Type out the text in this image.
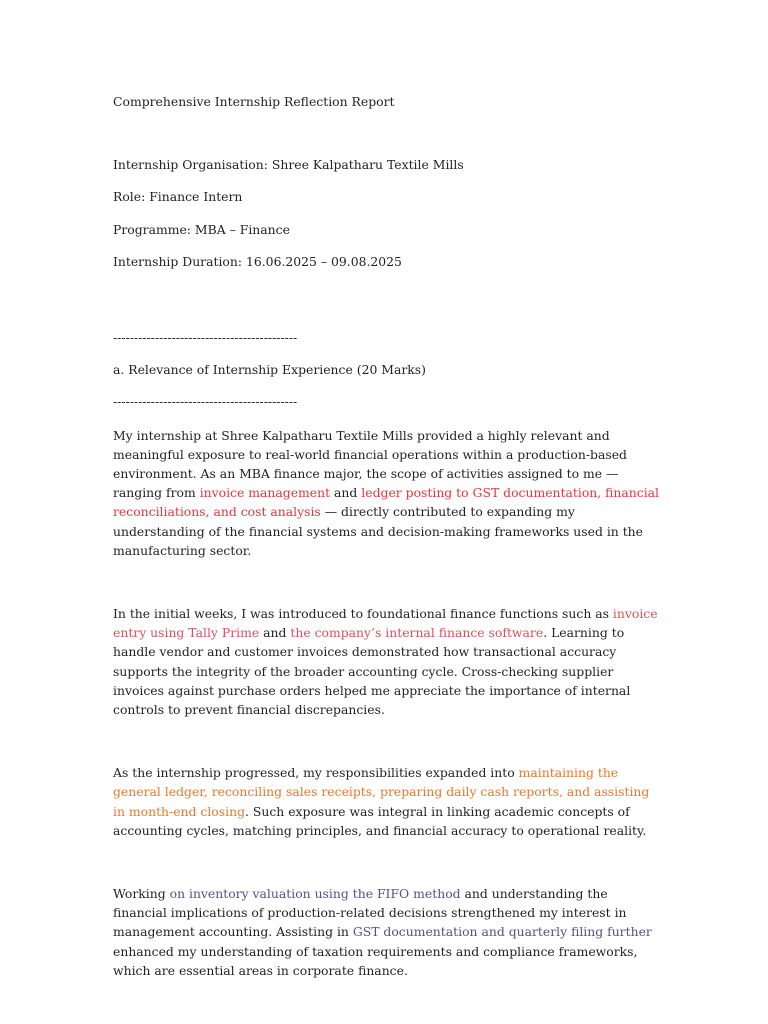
Comprehensive Internship Reflection Report

Internship Organisation: Shree Kalpatharu Textile Mills

Role: Finance Intern

Programme: MBA – Finance

Internship Duration: 16.06.2025 – 09.08.2025

--------------------------------------------

a. Relevance of Internship Experience (20 Marks)

--------------------------------------------

My internship at Shree Kalpatharu Textile Mills provided a highly relevant and meaningful exposure to real-world financial operations within a production-based environment. As an MBA finance major, the scope of activities assigned to me — ranging from invoice management and ledger posting to GST documentation, financial reconciliations, and cost analysis — directly contributed to expanding my understanding of the financial systems and decision-making frameworks used in the manufacturing sector.

In the initial weeks, I was introduced to foundational finance functions such as invoice entry using Tally Prime and the company’s internal finance software. Learning to handle vendor and customer invoices demonstrated how transactional accuracy supports the integrity of the broader accounting cycle. Cross-checking supplier invoices against purchase orders helped me appreciate the importance of internal controls to prevent financial discrepancies.

As the internship progressed, my responsibilities expanded into maintaining the general ledger, reconciling sales receipts, preparing daily cash reports, and assisting in month-end closing. Such exposure was integral in linking academic concepts of accounting cycles, matching principles, and financial accuracy to operational reality.

Working on inventory valuation using the FIFO method and understanding the financial implications of production-related decisions strengthened my interest in management accounting. Assisting in GST documentation and quarterly filing further enhanced my understanding of taxation requirements and compliance frameworks, which are essential areas in corporate finance.
